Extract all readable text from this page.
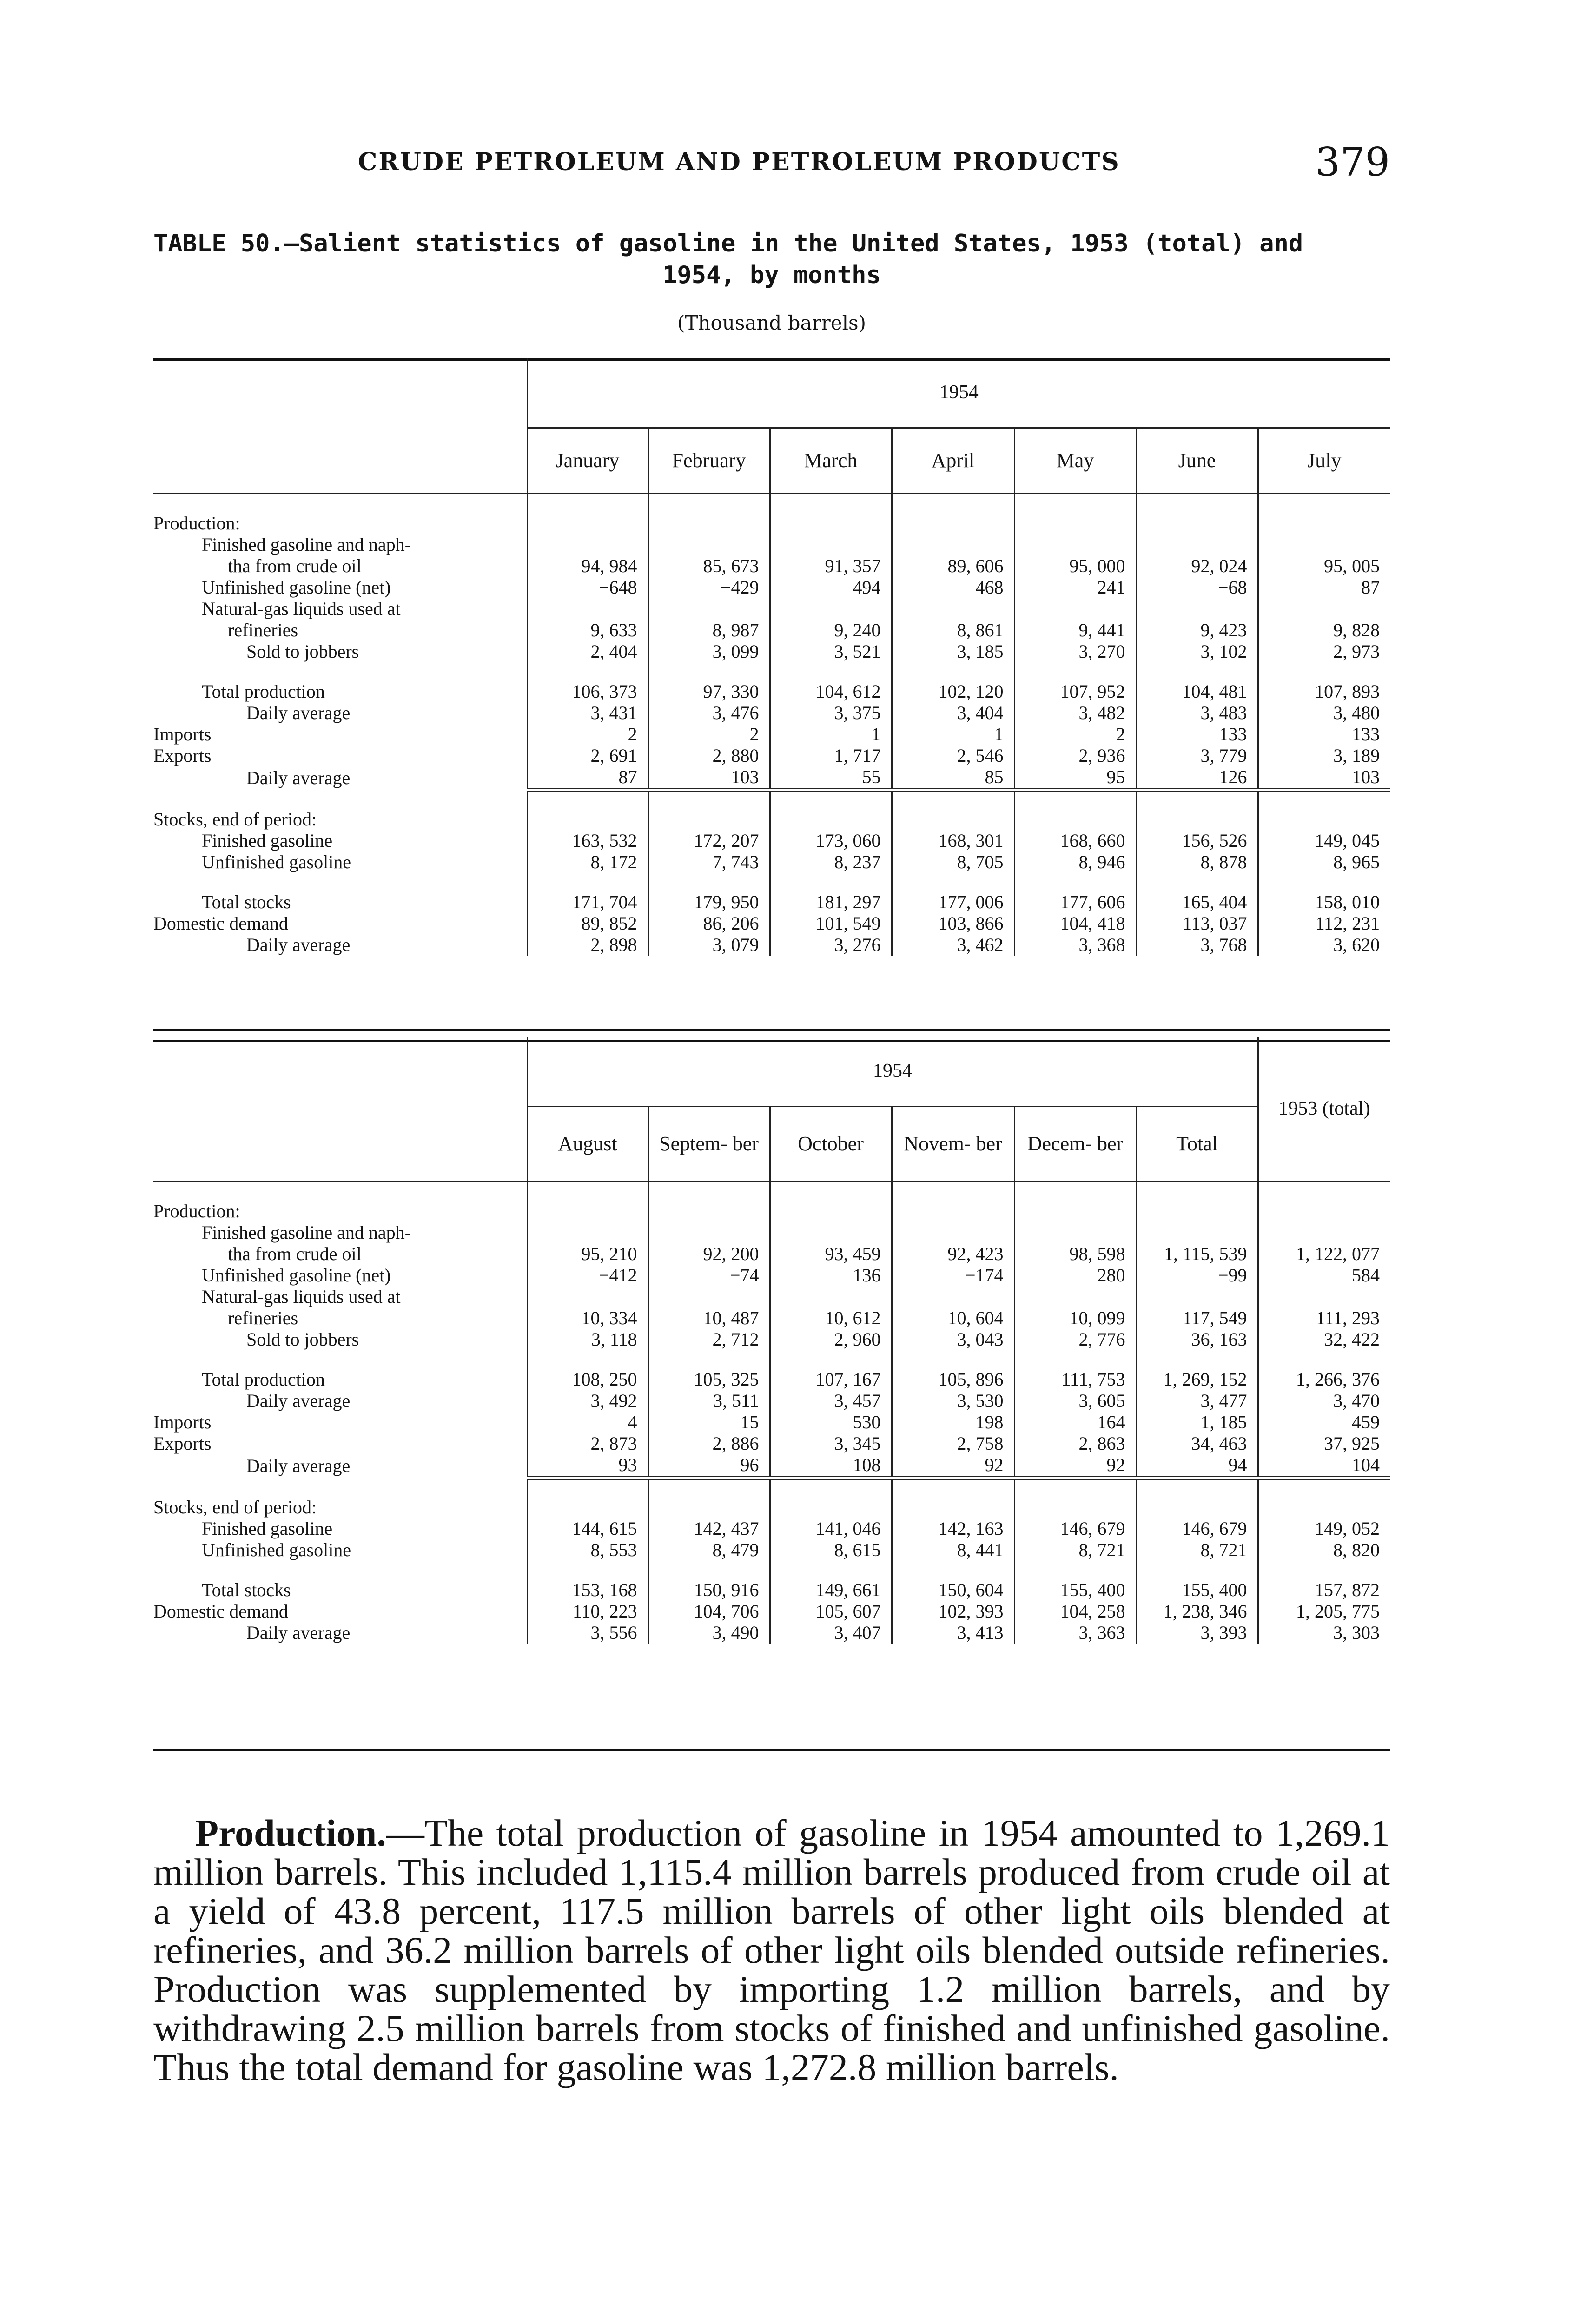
CRUDE PETROLEUM AND PETROLEUM PRODUCTS	379
TABLE 50.—Salient statistics of gasoline in the United States, 1953 (total) and
1954, by months
(Thousand barrels)
	1954						
	January	February	March	April	May	June	July
Production:							
Finished gasoline and naph-							
tha from crude oil	94, 984	85, 673	91, 357	89, 606	95, 000	92, 024	95, 005
Unfinished gasoline (net)	−648	−429	494	468	241	−68	87
Natural-gas liquids used at							
refineries	9, 633	8, 987	9, 240	8, 861	9, 441	9, 423	9, 828
Sold to jobbers	2, 404	3, 099	3, 521	3, 185	3, 270	3, 102	2, 973
Total production	106, 373	97, 330	104, 612	102, 120	107, 952	104, 481	107, 893
Daily average	3, 431	3, 476	3, 375	3, 404	3, 482	3, 483	3, 480
Imports	2	2	1	1	2	133	133
Exports	2, 691	2, 880	1, 717	2, 546	2, 936	3, 779	3, 189
Daily average	87	103	55	85	95	126	103
Stocks, end of period:							
Finished gasoline	163, 532	172, 207	173, 060	168, 301	168, 660	156, 526	149, 045
Unfinished gasoline	8, 172	7, 743	8, 237	8, 705	8, 946	8, 878	8, 965
Total stocks	171, 704	179, 950	181, 297	177, 006	177, 606	165, 404	158, 010
Domestic demand	89, 852	86, 206	101, 549	103, 866	104, 418	113, 037	112, 231
Daily average	2, 898	3, 079	3, 276	3, 462	3, 368	3, 768	3, 620
	1954						1953 (total)
	August	Septem- ber	October	Novem- ber	Decem- ber	Total	
Production:							
Finished gasoline and naph-							
tha from crude oil	95, 210	92, 200	93, 459	92, 423	98, 598	1, 115, 539	1, 122, 077
Unfinished gasoline (net)	−412	−74	136	−174	280	−99	584
Natural-gas liquids used at							
refineries	10, 334	10, 487	10, 612	10, 604	10, 099	117, 549	111, 293
Sold to jobbers	3, 118	2, 712	2, 960	3, 043	2, 776	36, 163	32, 422
Total production	108, 250	105, 325	107, 167	105, 896	111, 753	1, 269, 152	1, 266, 376
Daily average	3, 492	3, 511	3, 457	3, 530	3, 605	3, 477	3, 470
Imports	4	15	530	198	164	1, 185	459
Exports	2, 873	2, 886	3, 345	2, 758	2, 863	34, 463	37, 925
Daily average	93	96	108	92	92	94	104
Stocks, end of period:							
Finished gasoline	144, 615	142, 437	141, 046	142, 163	146, 679	146, 679	149, 052
Unfinished gasoline	8, 553	8, 479	8, 615	8, 441	8, 721	8, 721	8, 820
Total stocks	153, 168	150, 916	149, 661	150, 604	155, 400	155, 400	157, 872
Domestic demand	110, 223	104, 706	105, 607	102, 393	104, 258	1, 238, 346	1, 205, 775
Daily average	3, 556	3, 490	3, 407	3, 413	3, 363	3, 393	3, 303

Production.—The total production of gasoline in 1954 amounted to 1,269.1 million barrels. This included 1,115.4 million barrels produced from crude oil at a yield of 43.8 percent, 117.5 million barrels of other light oils blended at refineries, and 36.2 million barrels of other light oils blended outside refineries. Production was supplemented by importing 1.2 million barrels, and by withdrawing 2.5 million barrels from stocks of finished and unfinished gasoline. Thus the total demand for gasoline was 1,272.8 million barrels.
